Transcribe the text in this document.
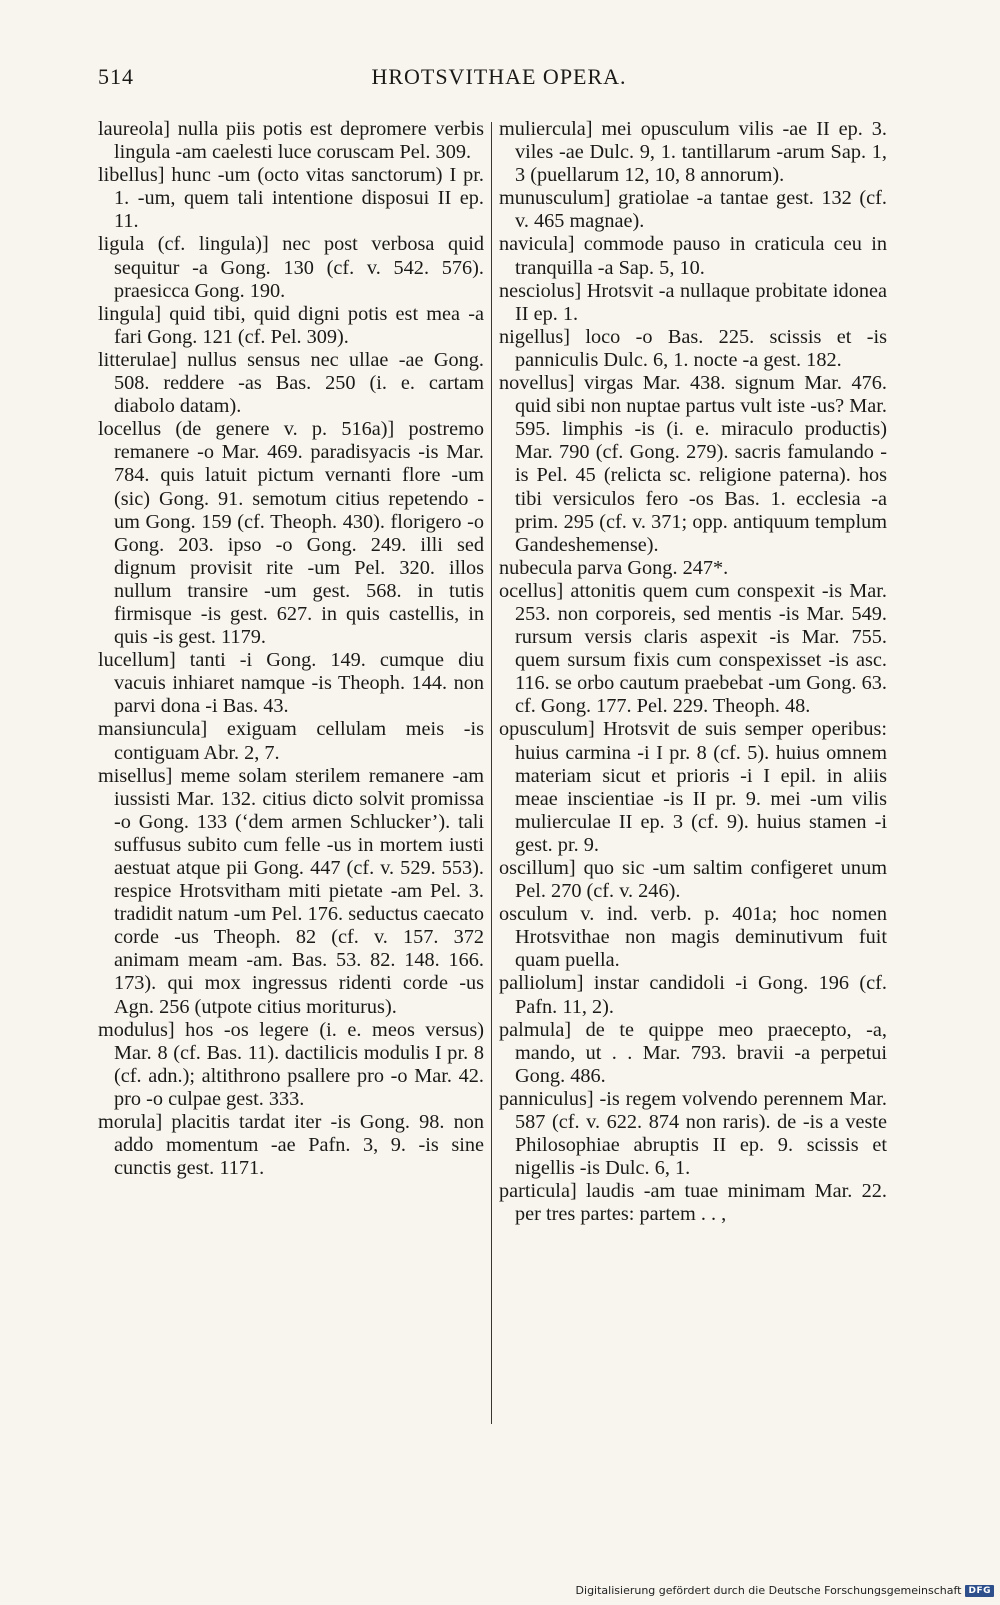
514	HROTSVITHAE OPERA.

laureola] nulla piis potis est depromere verbis lingula -am caelesti luce coruscam Pel. 309.

libellus] hunc -um (octo vitas sanctorum) I pr. 1. -um, quem tali intentione disposui II ep. 11.

ligula (cf. lingula)] nec post verbosa quid sequitur -a Gong. 130 (cf. v. 542. 576). praesicca Gong. 190.

lingula] quid tibi, quid digni potis est mea -a fari Gong. 121 (cf. Pel. 309).

litterulae] nullus sensus nec ullae -ae Gong. 508. reddere -as Bas. 250 (i. e. cartam diabolo datam).

locellus (de genere v. p. 516a)] postremo remanere -o Mar. 469. paradisyacis -is Mar. 784. quis latuit pictum vernanti flore -um (sic) Gong. 91. semotum citius repetendo -um Gong. 159 (cf. Theoph. 430). florigero -o Gong. 203. ipso -o Gong. 249. illi sed dignum provisit rite -um Pel. 320. illos nullum transire -um gest. 568. in tutis firmisque -is gest. 627. in quis castellis, in quis -is gest. 1179.

lucellum] tanti -i Gong. 149. cumque diu vacuis inhiaret namque -is Theoph. 144. non parvi dona -i Bas. 43.

mansiuncula] exiguam cellulam meis -is contiguam Abr. 2, 7.

misellus] meme solam sterilem remanere -am iussisti Mar. 132. citius dicto solvit promissa -o Gong. 133 (‘dem armen Schlucker’). tali suffusus subito cum felle -us in mortem iusti aestuat atque pii Gong. 447 (cf. v. 529. 553). respice Hrotsvitham miti pietate -am Pel. 3. tradidit natum -um Pel. 176. seductus caecato corde -us Theoph. 82 (cf. v. 157. 372 animam meam -am. Bas. 53. 82. 148. 166. 173). qui mox ingressus ridenti corde -us Agn. 256 (utpote citius moriturus).

modulus] hos -os legere (i. e. meos versus) Mar. 8 (cf. Bas. 11). dactilicis modulis I pr. 8 (cf. adn.); altithrono psallere pro -o Mar. 42. pro -o culpae gest. 333.

morula] placitis tardat iter -is Gong. 98. non addo momentum -ae Pafn. 3, 9. -is sine cunctis gest. 1171.

muliercula] mei opusculum vilis -ae II ep. 3. viles -ae Dulc. 9, 1. tantillarum -arum Sap. 1, 3 (puellarum 12, 10, 8 annorum).

munusculum] gratiolae -a tantae gest. 132 (cf. v. 465 magnae).

navicula] commode pauso in craticula ceu in tranquilla -a Sap. 5, 10.

nesciolus] Hrotsvit -a nullaque probitate idonea II ep. 1.

nigellus] loco -o Bas. 225. scissis et -is panniculis Dulc. 6, 1. nocte -a gest. 182.

novellus] virgas Mar. 438. signum Mar. 476. quid sibi non nuptae partus vult iste -us? Mar. 595. limphis -is (i. e. miraculo productis) Mar. 790 (cf. Gong. 279). sacris famulando -is Pel. 45 (relicta sc. religione paterna). hos tibi versiculos fero -os Bas. 1. ecclesia -a prim. 295 (cf. v. 371; opp. antiquum templum Gandeshemense).

nubecula parva Gong. 247*.

ocellus] attonitis quem cum conspexit -is Mar. 253. non corporeis, sed mentis -is Mar. 549. rursum versis claris aspexit -is Mar. 755. quem sursum fixis cum conspexisset -is asc. 116. se orbo cautum praebebat -um Gong. 63. cf. Gong. 177. Pel. 229. Theoph. 48.

opusculum] Hrotsvit de suis semper operibus: huius carmina -i I pr. 8 (cf. 5). huius omnem materiam sicut et prioris -i I epil. in aliis meae inscientiae -is II pr. 9. mei -um vilis mulierculae II ep. 3 (cf. 9). huius stamen -i gest. pr. 9.

oscillum] quo sic -um saltim configeret unum Pel. 270 (cf. v. 246).

osculum v. ind. verb. p. 401a; hoc nomen Hrotsvithae non magis deminutivum fuit quam puella.

palliolum] instar candidoli -i Gong. 196 (cf. Pafn. 11, 2).

palmula] de te quippe meo praecepto, -a, mando, ut . . Mar. 793. bravii -a perpetui Gong. 486.

panniculus] -is regem volvendo perennem Mar. 587 (cf. v. 622. 874 non raris). de -is a veste Philosophiae abruptis II ep. 9. scissis et nigellis -is Dulc. 6, 1.

particula] laudis -am tuae minimam Mar. 22. per tres partes: partem . . ,

Digitalisierung gefördert durch die Deutsche Forschungsgemeinschaft DFG
